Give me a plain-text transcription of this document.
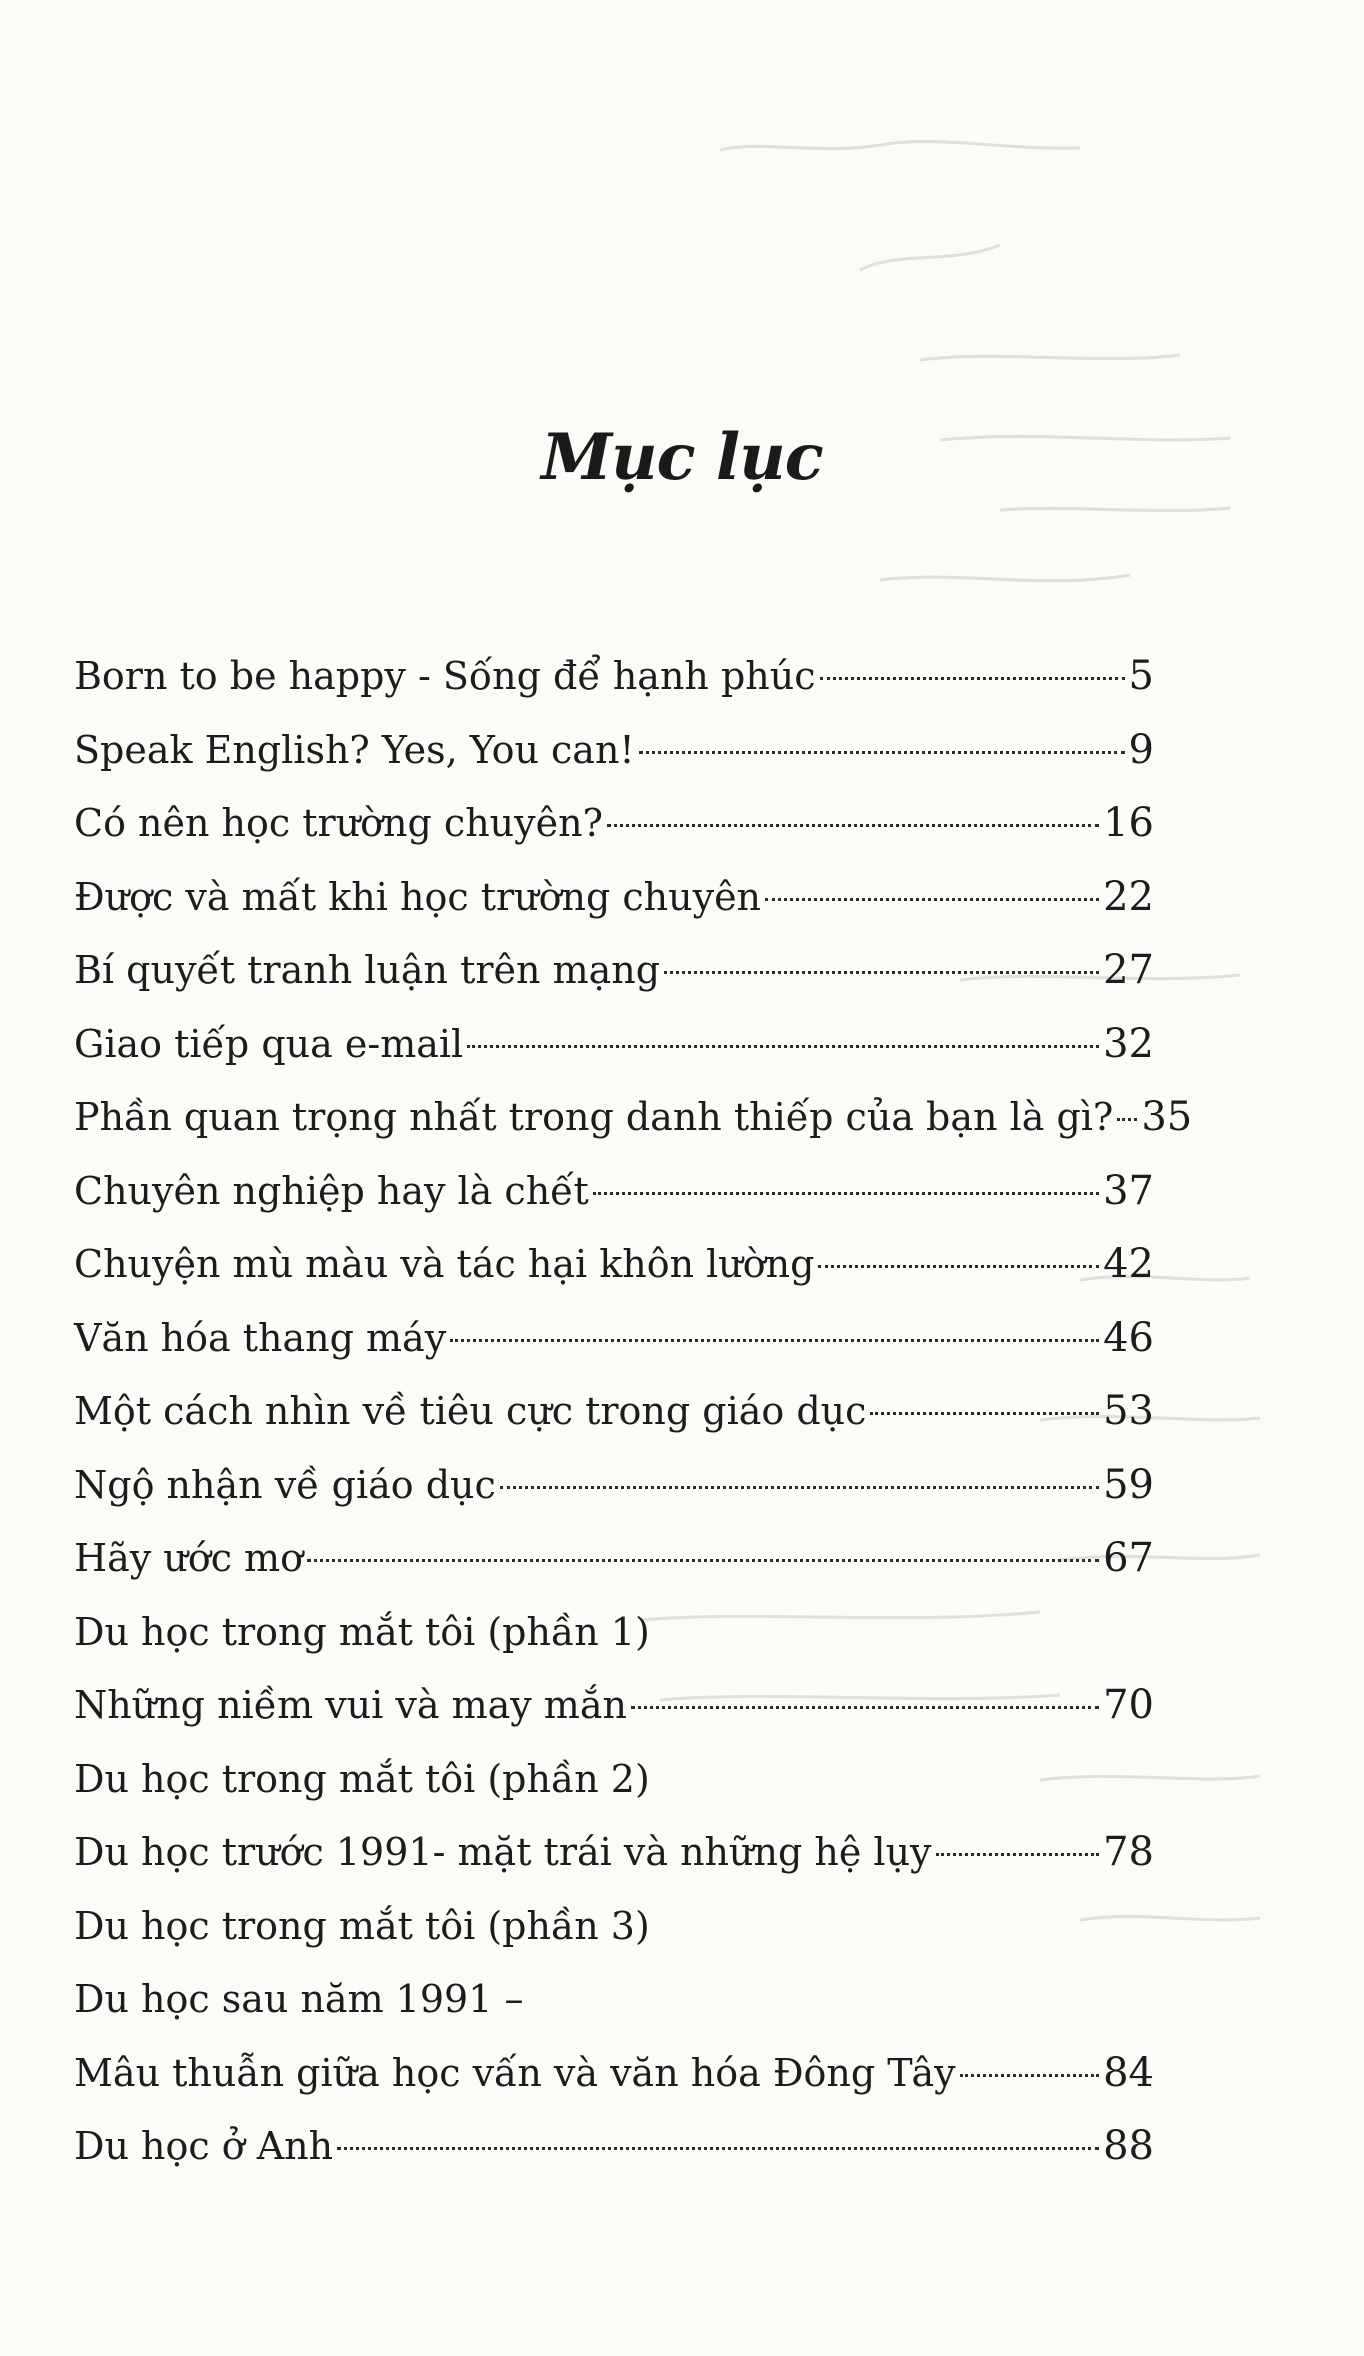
Mục lục
Born to be happy - Sống để hạnh phúc	5
Speak English? Yes, You can!	9
Có nên học trường chuyên?	16
Được và mất khi học trường chuyên	22
Bí quyết tranh luận trên mạng	27
Giao tiếp qua e-mail	32
Phần quan trọng nhất trong danh thiếp của bạn là gì? 35
Chuyên nghiệp hay là chết	37
Chuyện mù màu và tác hại khôn lường	42
Văn hóa thang máy	46
Một cách nhìn về tiêu cực trong giáo dục	53
Ngộ nhận về giáo dục	59
Hãy ước mơ	67
Du học trong mắt tôi (phần 1)
Những niềm vui và may mắn	70
Du học trong mắt tôi (phần 2)
Du học trước 1991- mặt trái và những hệ lụy	78
Du học trong mắt tôi (phần 3)
Du học sau năm 1991 –
Mâu thuẫn giữa học vấn và văn hóa Đông Tây	84
Du học ở Anh	88
